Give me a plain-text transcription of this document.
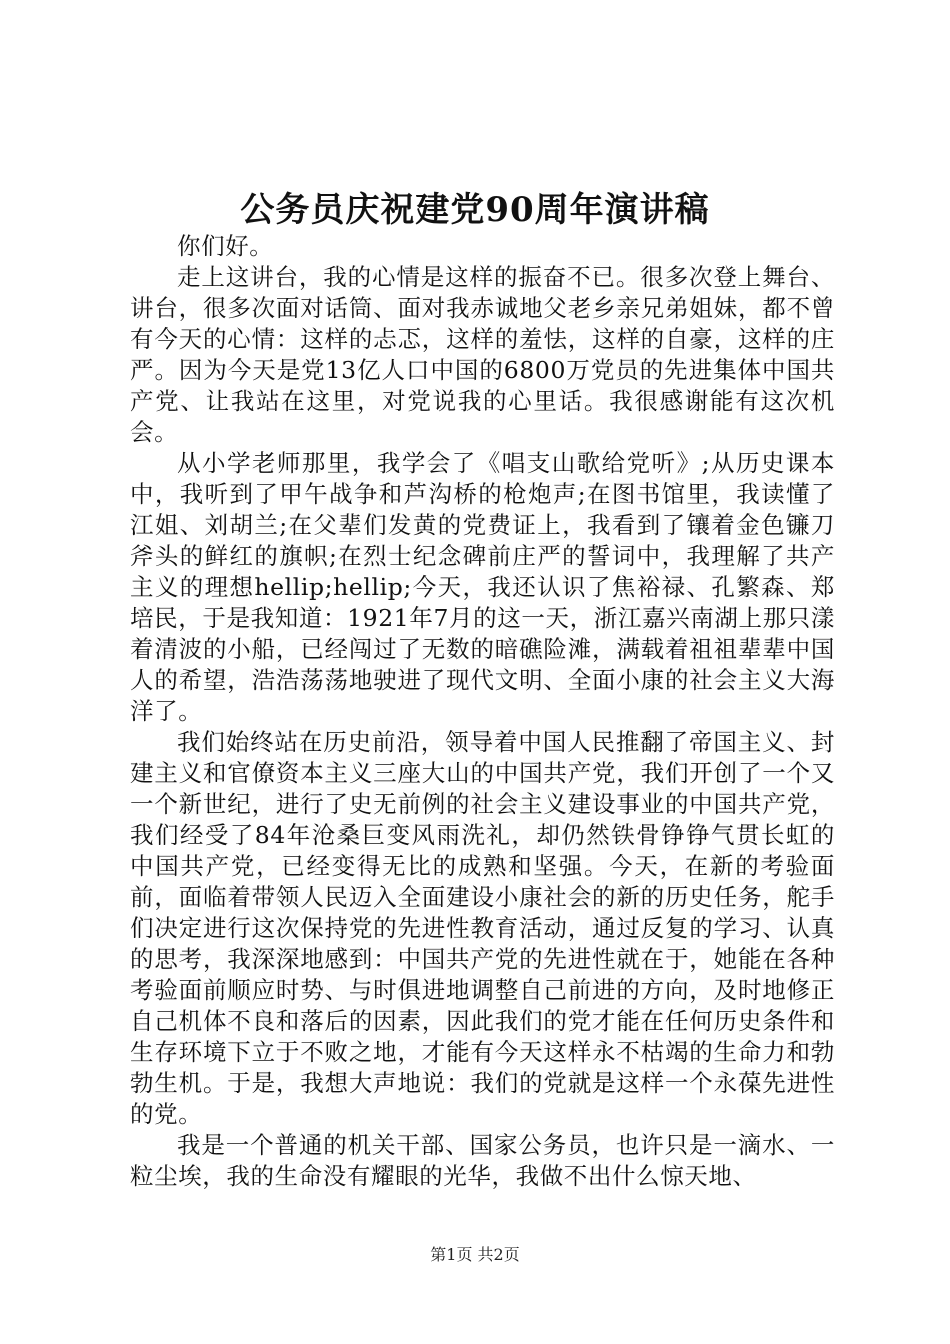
公务员庆祝建党90周年演讲稿

你们好。

走上这讲台，我的心情是这样的振奋不已。很多次登上舞台、讲台，很多次面对话筒、面对我赤诚地父老乡亲兄弟姐妹，都不曾有今天的心情：这样的忐忑，这样的羞怯，这样的自豪，这样的庄严。因为今天是党13亿人口中国的6800万党员的先进集体中国共产党、让我站在这里，对党说我的心里话。我很感谢能有这次机会。

从小学老师那里，我学会了《唱支山歌给党听》;从历史课本中，我听到了甲午战争和芦沟桥的枪炮声;在图书馆里，我读懂了江姐、刘胡兰;在父辈们发黄的党费证上，我看到了镶着金色镰刀斧头的鲜红的旗帜;在烈士纪念碑前庄严的誓词中，我理解了共产主义的理想hellip;hellip;今天，我还认识了焦裕禄、孔繁森、郑培民，于是我知道：1921年7月的这一天，浙江嘉兴南湖上那只漾着清波的小船，已经闯过了无数的暗礁险滩，满载着祖祖辈辈中国人的希望，浩浩荡荡地驶进了现代文明、全面小康的社会主义大海洋了。

我们始终站在历史前沿，领导着中国人民推翻了帝国主义、封建主义和官僚资本主义三座大山的中国共产党，我们开创了一个又一个新世纪，进行了史无前例的社会主义建设事业的中国共产党，我们经受了84年沧桑巨变风雨洗礼，却仍然铁骨铮铮气贯长虹的中国共产党，已经变得无比的成熟和坚强。今天，在新的考验面前，面临着带领人民迈入全面建设小康社会的新的历史任务，舵手们决定进行这次保持党的先进性教育活动，通过反复的学习、认真的思考，我深深地感到：中国共产党的先进性就在于，她能在各种考验面前顺应时势、与时俱进地调整自己前进的方向，及时地修正自己机体不良和落后的因素，因此我们的党才能在任何历史条件和生存环境下立于不败之地，才能有今天这样永不枯竭的生命力和勃勃生机。于是，我想大声地说：我们的党就是这样一个永葆先进性的党。

我是一个普通的机关干部、国家公务员，也许只是一滴水、一粒尘埃，我的生命没有耀眼的光华，我做不出什么惊天地、

第1页 共2页
